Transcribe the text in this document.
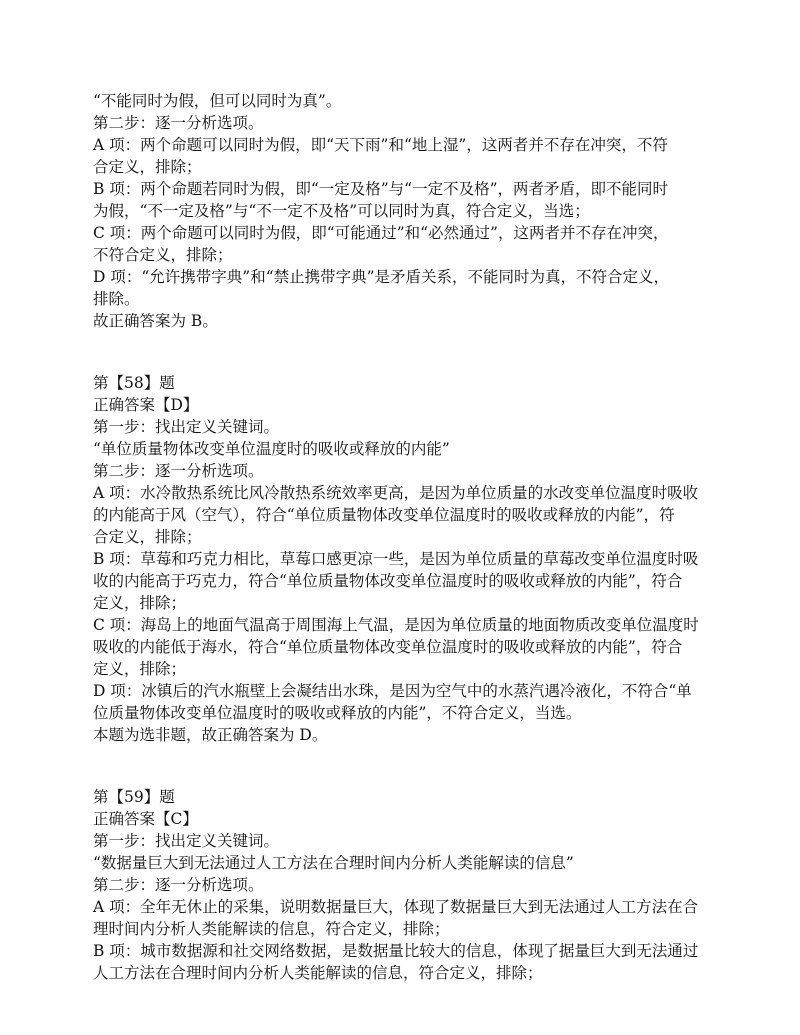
“不能同时为假，但可以同时为真”。

第二步：逐一分析选项。

A 项：两个命题可以同时为假，即“天下雨”和“地上湿”，这两者并不存在冲突，不符

合定义，排除；

B 项：两个命题若同时为假，即“一定及格”与“一定不及格”，两者矛盾，即不能同时

为假，“不一定及格”与“不一定不及格”可以同时为真，符合定义，当选；

C 项：两个命题可以同时为假，即“可能通过”和“必然通过”，这两者并不存在冲突，

不符合定义，排除；

D 项：“允许携带字典”和“禁止携带字典”是矛盾关系，不能同时为真，不符合定义，

排除。

故正确答案为 B。

第【58】题

正确答案【D】

第一步：找出定义关键词。

“单位质量物体改变单位温度时的吸收或释放的内能”

第二步：逐一分析选项。

A 项：水冷散热系统比风冷散热系统效率更高，是因为单位质量的水改变单位温度时吸收

的内能高于风（空气），符合“单位质量物体改变单位温度时的吸收或释放的内能”，符

合定义，排除；

B 项：草莓和巧克力相比，草莓口感更凉一些，是因为单位质量的草莓改变单位温度时吸

收的内能高于巧克力，符合“单位质量物体改变单位温度时的吸收或释放的内能”，符合

定义，排除；

C 项：海岛上的地面气温高于周围海上气温，是因为单位质量的地面物质改变单位温度时

吸收的内能低于海水，符合“单位质量物体改变单位温度时的吸收或释放的内能”，符合

定义，排除；

D 项：冰镇后的汽水瓶壁上会凝结出水珠，是因为空气中的水蒸汽遇冷液化，不符合“单

位质量物体改变单位温度时的吸收或释放的内能”，不符合定义，当选。

本题为选非题，故正确答案为 D。

第【59】题

正确答案【C】

第一步：找出定义关键词。

“数据量巨大到无法通过人工方法在合理时间内分析人类能解读的信息”

第二步：逐一分析选项。

A 项：全年无休止的采集，说明数据量巨大，体现了数据量巨大到无法通过人工方法在合

理时间内分析人类能解读的信息，符合定义，排除；

B 项：城市数据源和社交网络数据，是数据量比较大的信息，体现了据量巨大到无法通过

人工方法在合理时间内分析人类能解读的信息，符合定义，排除；
